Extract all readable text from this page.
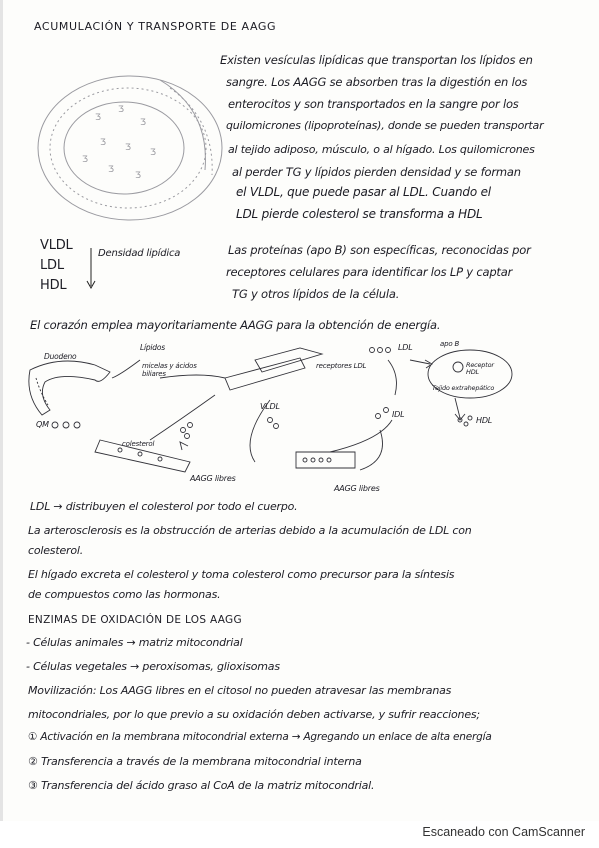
ACUMULACIÓN Y TRANSPORTE DE AAGG
Ʒ
Ʒ
Ʒ
Ʒ Ʒ Ʒ
Ʒ
Ʒ
Ʒ
Existen vesículas lipídicas que transportan los lípidos en
sangre. Los AAGG se absorben tras la digestión en los
enterocitos y son transportados en la sangre por los
quilomicrones (lipoproteínas), donde se pueden transportar
al tejido adiposo, músculo, o al hígado. Los quilomicrones
al perder TG y lípidos pierden densidad y se forman
el VLDL, que puede pasar al LDL. Cuando el
LDL pierde colesterol se transforma a HDL
VLDL
LDL
HDL
Densidad lipídica	Las proteínas (apo B) son específicas, reconocidas por
receptores celulares para identificar los LP y captar
TG y otros lípidos de la célula.
El corazón emplea mayoritariamente AAGG para la obtención de energía.
Duodeno
Lípidos
micelas y ácidos biliares
QM
colesterol
AAGG libres
AAGG libres
VLDL
LDL
IDL
HDL
apo B
receptores LDL	Receptor HDL
Tejido extrahepático
LDL → distribuyen el colesterol por todo el cuerpo.
La arterosclerosis es la obstrucción de arterias debido a la acumulación de LDL con
colesterol.
El hígado excreta el colesterol y toma colesterol como precursor para la síntesis
de compuestos como las hormonas.
ENZIMAS DE OXIDACIÓN DE LOS AAGG
- Células animales → matriz mitocondrial
- Células vegetales → peroxisomas, glioxisomas
Movilización: Los AAGG libres en el citosol no pueden atravesar las membranas
mitocondriales, por lo que previo a su oxidación deben activarse, y sufrir reacciones;
① Activación en la membrana mitocondrial externa → Agregando un enlace de alta energía
② Transferencia a través de la membrana mitocondrial interna
③ Transferencia del ácido graso al CoA de la matriz mitocondrial.
Escaneado con CamScanner
